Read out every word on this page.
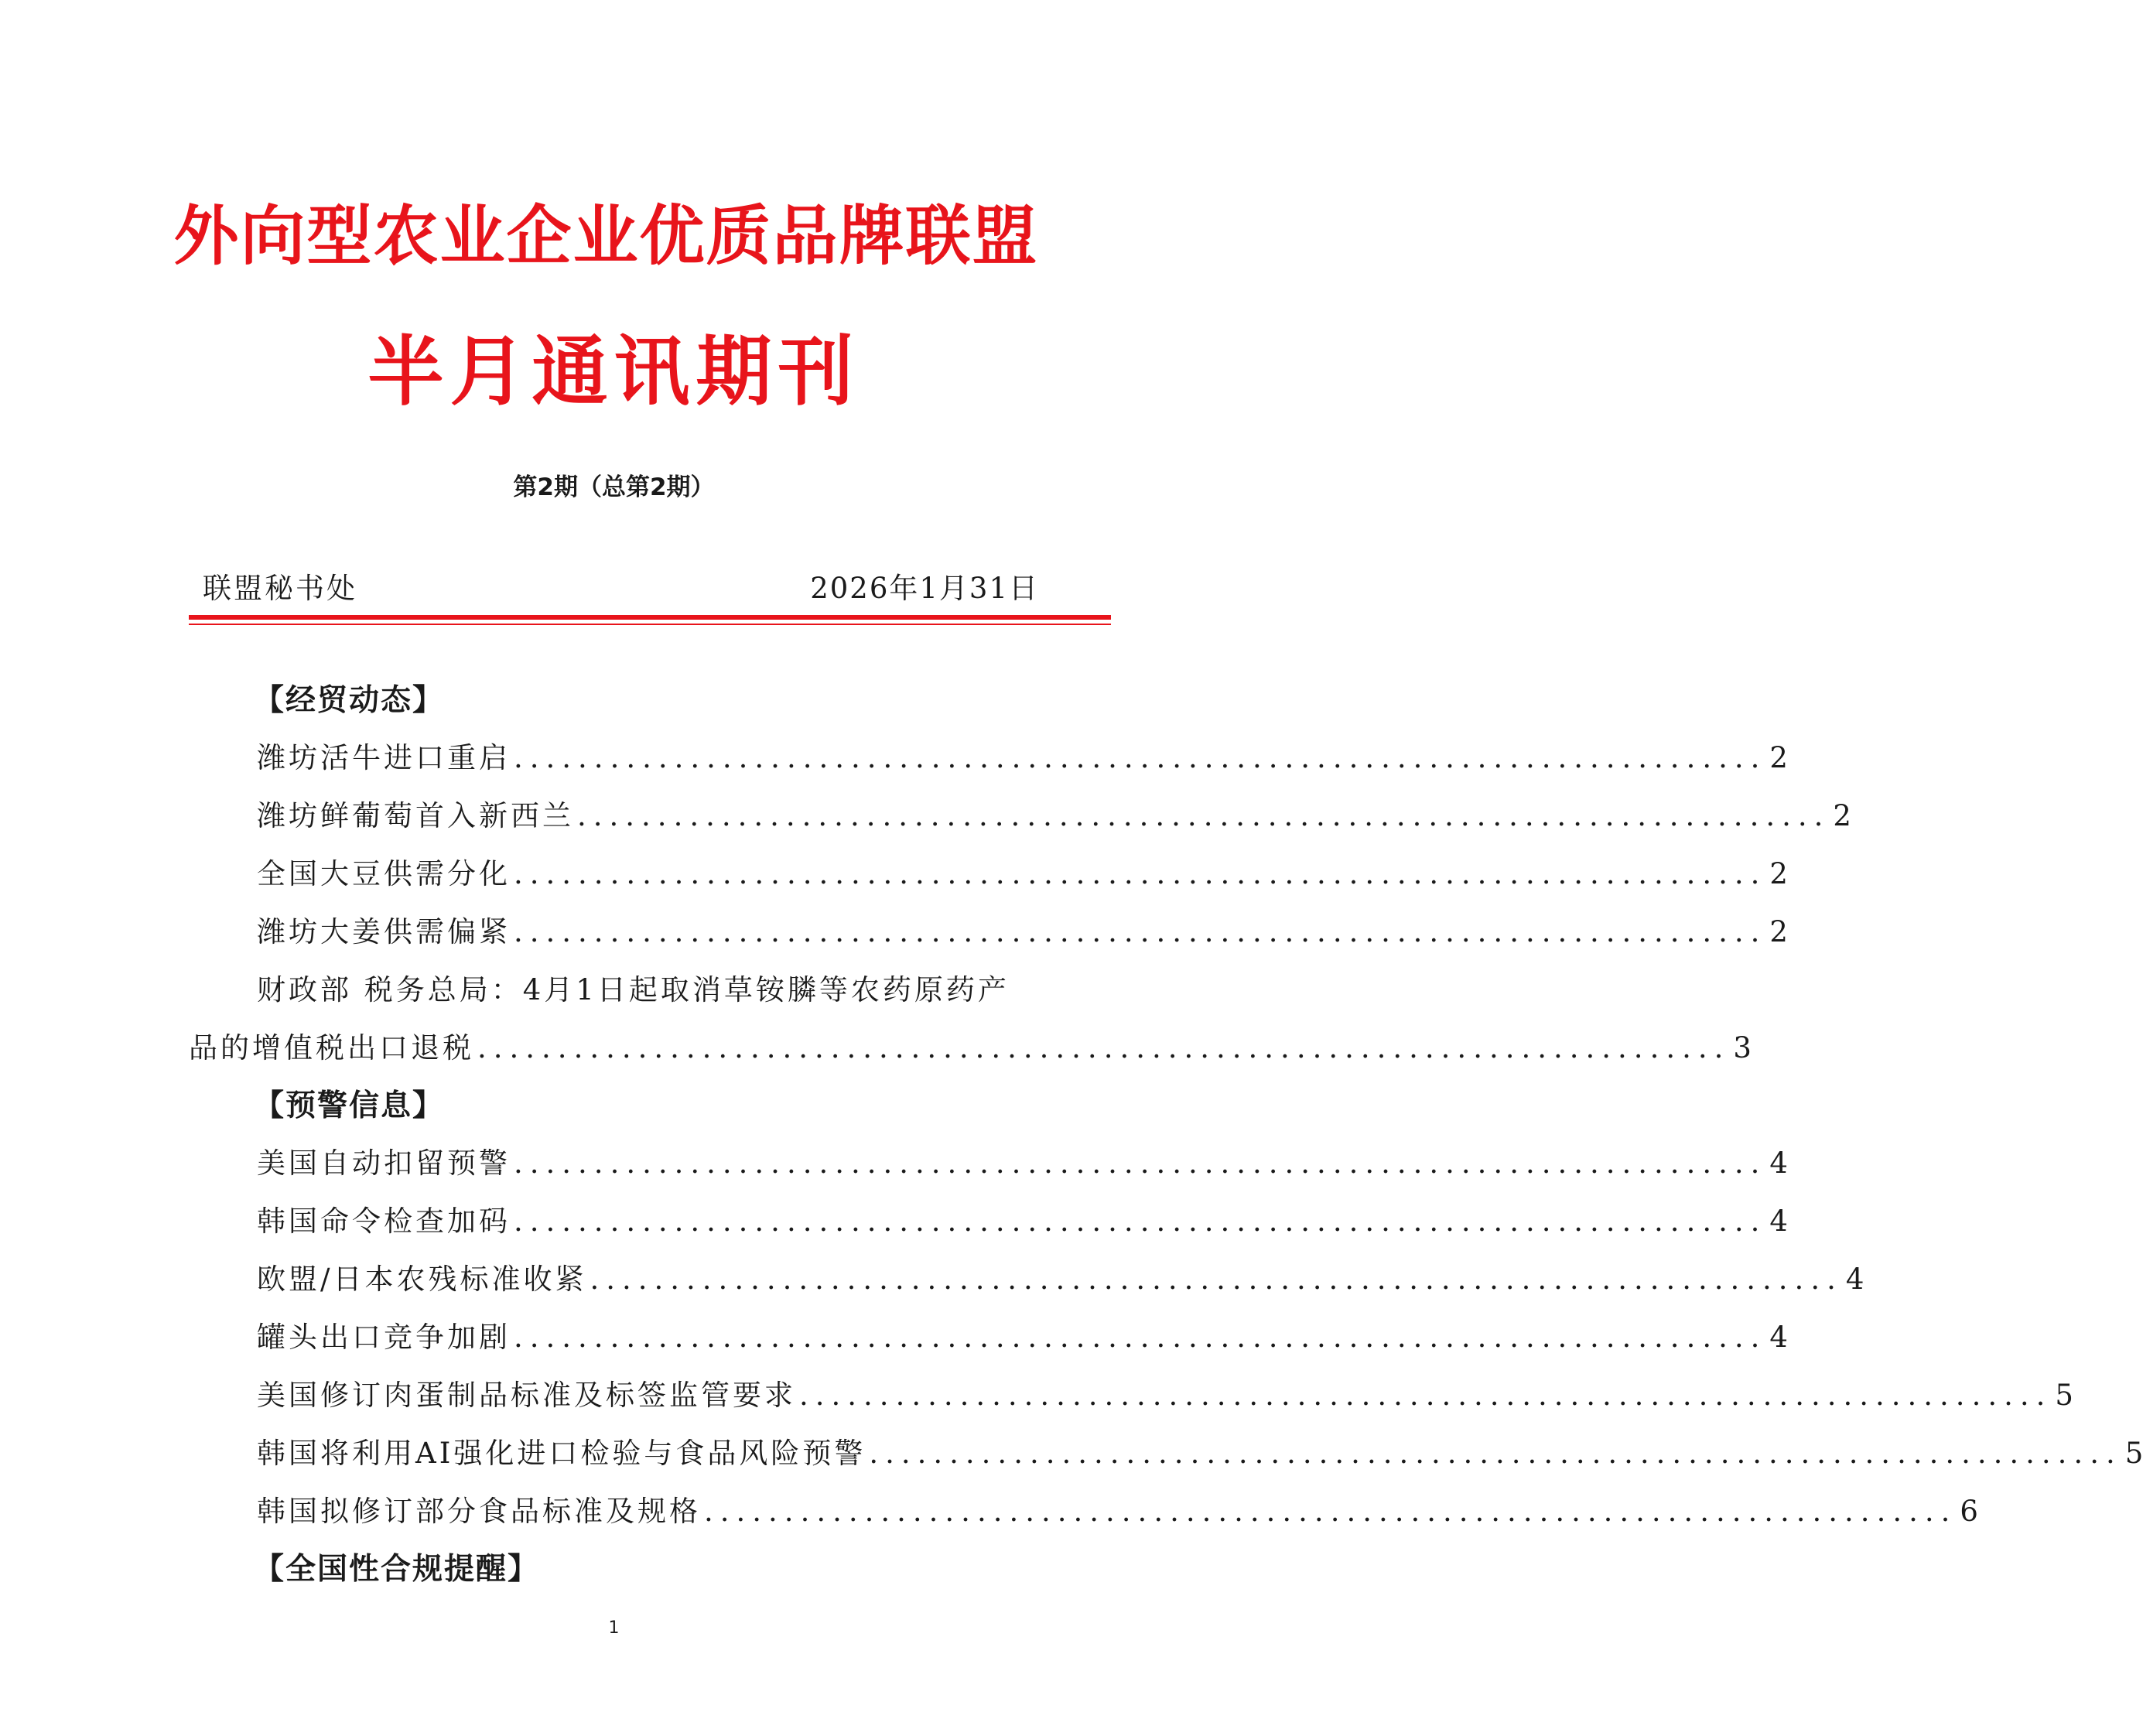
外向型农业企业优质品牌联盟
半月通讯期刊
第2期（总第2期）
联盟秘书处	2026年1月31日
【经贸动态】
潍坊活牛进口重启 .............................................................................. 2
潍坊鲜葡萄首入新西兰 .............................................................................. 2
全国大豆供需分化 .............................................................................. 2
潍坊大姜供需偏紧 .............................................................................. 2
财政部 税务总局：4月1日起取消草铵膦等农药原药产
品的增值税出口退税 .............................................................................. 3
【预警信息】
美国自动扣留预警 .............................................................................. 4
韩国命令检查加码 .............................................................................. 4
欧盟/日本农残标准收紧 .............................................................................. 4
罐头出口竞争加剧 .............................................................................. 4
美国修订肉蛋制品标准及标签监管要求 .............................................................................. 5
韩国将利用AI强化进口检验与食品风险预警 .............................................................................. 5
韩国拟修订部分食品标准及规格 .............................................................................. 6
【全国性合规提醒】
1
